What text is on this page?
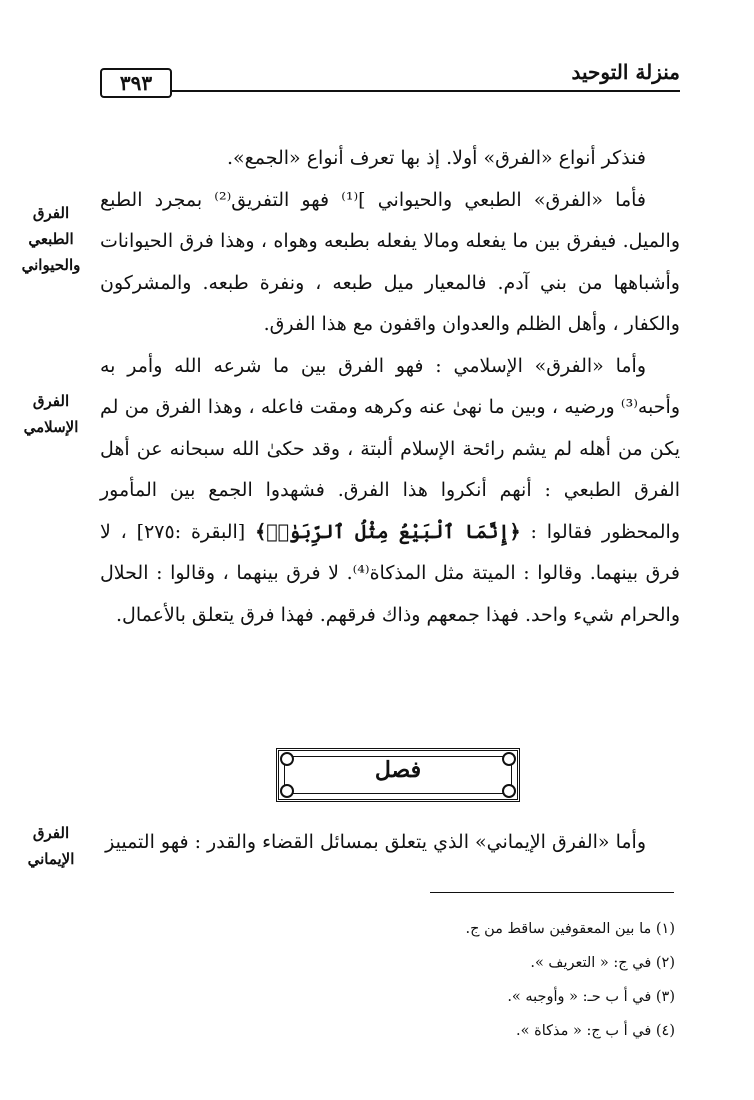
منزلة التوحيد
٣٩٣
الفرق الطبعي والحيواني
الفرق الإسلامي
الفرق الإيماني

فنذكر أنواع «الفرق» أولا. إذ بها تعرف أنواع «الجمع».

فأما «الفرق» الطبعي والحيواني ]⁽¹⁾ فهو التفريق⁽²⁾ بمجرد الطبع والميل. فيفرق بين ما يفعله ومالا يفعله بطبعه وهواه ، وهذا فرق الحيوانات وأشباهها من بني آدم. فالمعيار ميل طبعه ، ونفرة طبعه. والمشركون والكفار ، وأهل الظلم والعدوان واقفون مع هذا الفرق.

وأما «الفرق» الإسلامي : فهو الفرق بين ما شرعه الله وأمر به وأحبه⁽³⁾ ورضيه ، وبين ما نهىٰ عنه وكرهه ومقت فاعله ، وهذا الفرق من لم يكن من أهله لم يشم رائحة الإسلام ألبتة ، وقد حكىٰ الله سبحانه عن أهل الفرق الطبعي : أنهم أنكروا هذا الفرق. فشهدوا الجمع بين المأمور والمحظور فقالوا : ﴿إِنَّمَا ٱلْبَيْعُ مِثْلُ ٱلرِّبَوٰا۟﴾ [البقرة :٢٧٥] ، لا فرق بينهما. وقالوا : الميتة مثل المذكاة⁽⁴⁾. لا فرق بينهما ، وقالوا : الحلال والحرام شيء واحد. فهذا جمعهم وذاك فرقهم. فهذا فرق يتعلق بالأعمال.

فصل

وأما «الفرق الإيماني» الذي يتعلق بمسائل القضاء والقدر : فهو التمييز

(١) ما بين المعقوفين ساقط من ج.

(٢) في ج: « التعريف ».

(٣) في أ ب حـ: « وأوجبه ».

(٤) في أ ب ج: « مذكاة ».
